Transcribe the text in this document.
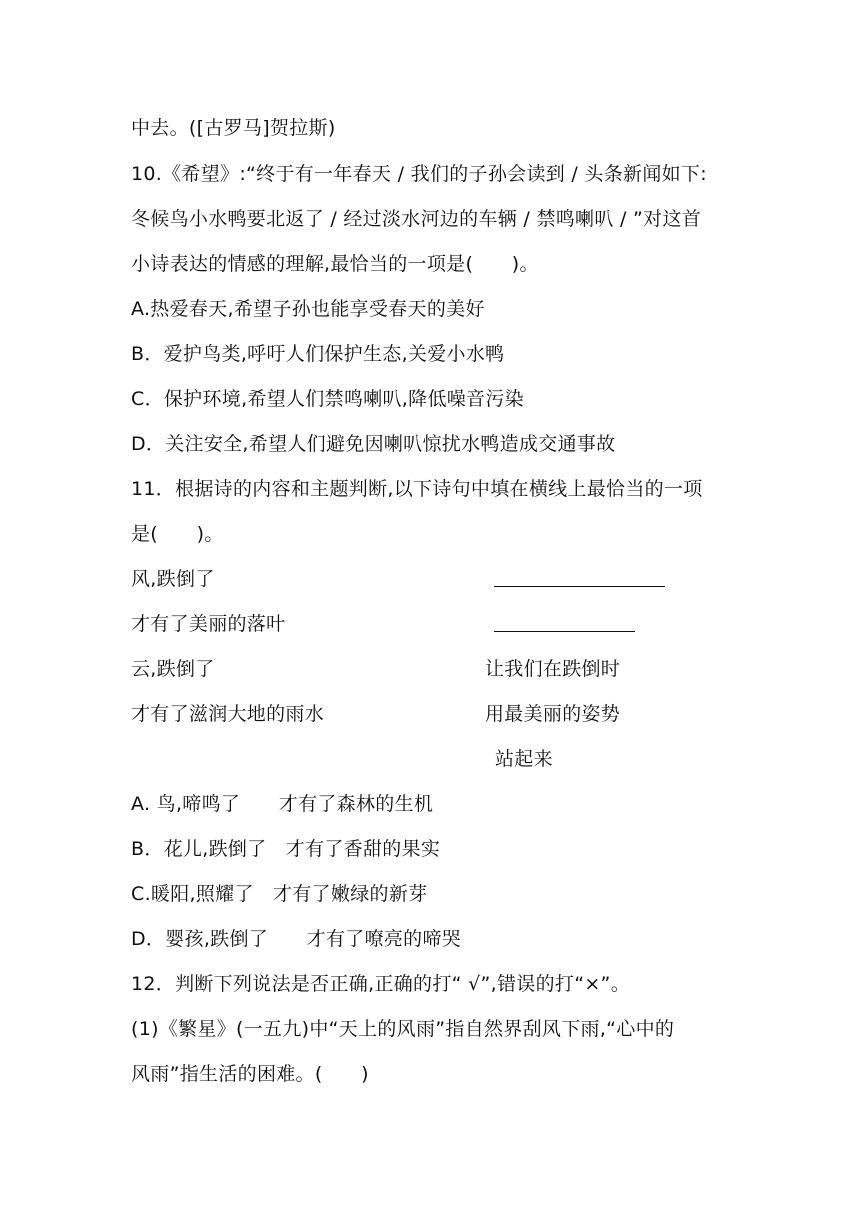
中去。([古罗马]贺拉斯)
10.《希望》:“终于有一年春天 / 我们的子孙会读到 / 头条新闻如下:
冬候鸟小水鸭要北返了 / 经过淡水河边的车辆 / 禁鸣喇叭 / ”对这首
小诗表达的情感的理解,最恰当的一项是(　　)。
A.热爱春天,希望子孙也能享受春天的美好
B．爱护鸟类,呼吁人们保护生态,关爱小水鸭
C．保护环境,希望人们禁鸣喇叭,降低噪音污染
D．关注安全,希望人们避免因喇叭惊扰水鸭造成交通事故
11．根据诗的内容和主题判断,以下诗句中填在横线上最恰当的一项
是(　　)。
风,跌倒了
才有了美丽的落叶
云,跌倒了	让我们在跌倒时
才有了滋润大地的雨水	用最美丽的姿势
站起来
A. 鸟,啼鸣了　　才有了森林的生机
B．花儿,跌倒了　才有了香甜的果实
C.暖阳,照耀了　才有了嫩绿的新芽
D．婴孩,跌倒了　　才有了嘹亮的啼哭
12．判断下列说法是否正确,正确的打“ √”,错误的打“×”。
(1)《繁星》(一五九)中“天上的风雨”指自然界刮风下雨,“心中的
风雨”指生活的困难。(　　)
